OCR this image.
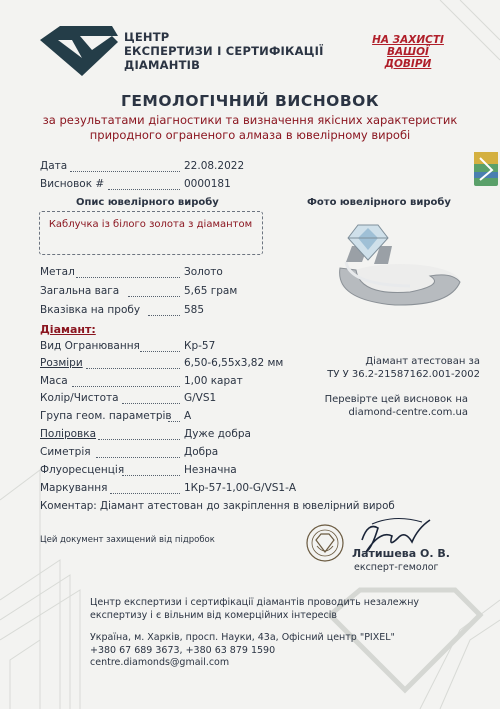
ЦЕНТР
ЕКСПЕРТИЗИ І СЕРТИФІКАЦІЇ
ДІАМАНТІВ
НА ЗАХИСТІ
ВАШОЇ
ДОВІРИ
ГЕМОЛОГІЧНИЙ ВИСНОВОК
за результатами діагностики та визначення якісних характеристик
природного ограненого алмаза в ювелірному виробі
Дата	22.08.2022
Висновок #	0000181
Опис ювелірного виробу	Фото ювелірного виробу
Каблучка із білого золота з діамантом
Метал	Золото
Загальна вага	5,65 грам
Вказівка на пробу	585
Діамант:
Вид Огранювання	Кр-57
Розміри	6,50-6,55х3,82 мм
Маса	1,00 карат
Колір/Чистота	G/VS1
Група геом. параметрів А
Полірoвка	Дуже добра
Симетрія	Добра
Флуоресценція	Незначна
Маркування	1Кр-57-1,00-G/VS1-А
Діамант атестован за
ТУ У 36.2-21587162.001-2002
Перевірте цей висновок на
diamond-centre.com.ua
Коментар: Діамант атестован до закріплення в ювелірний вироб
Цей документ захищений від підробок
Латишева О. В.
експерт-гемолог
Центр експертизи і сертифікації діамантів проводить незалежну
експертизу і є вільним від комерційних інтересів
Україна, м. Харків, просп. Науки, 43а, Офісний центр "PIXEL"
+380 67 689 3673, +380 63 879 1590
centre.diamonds@gmail.com
